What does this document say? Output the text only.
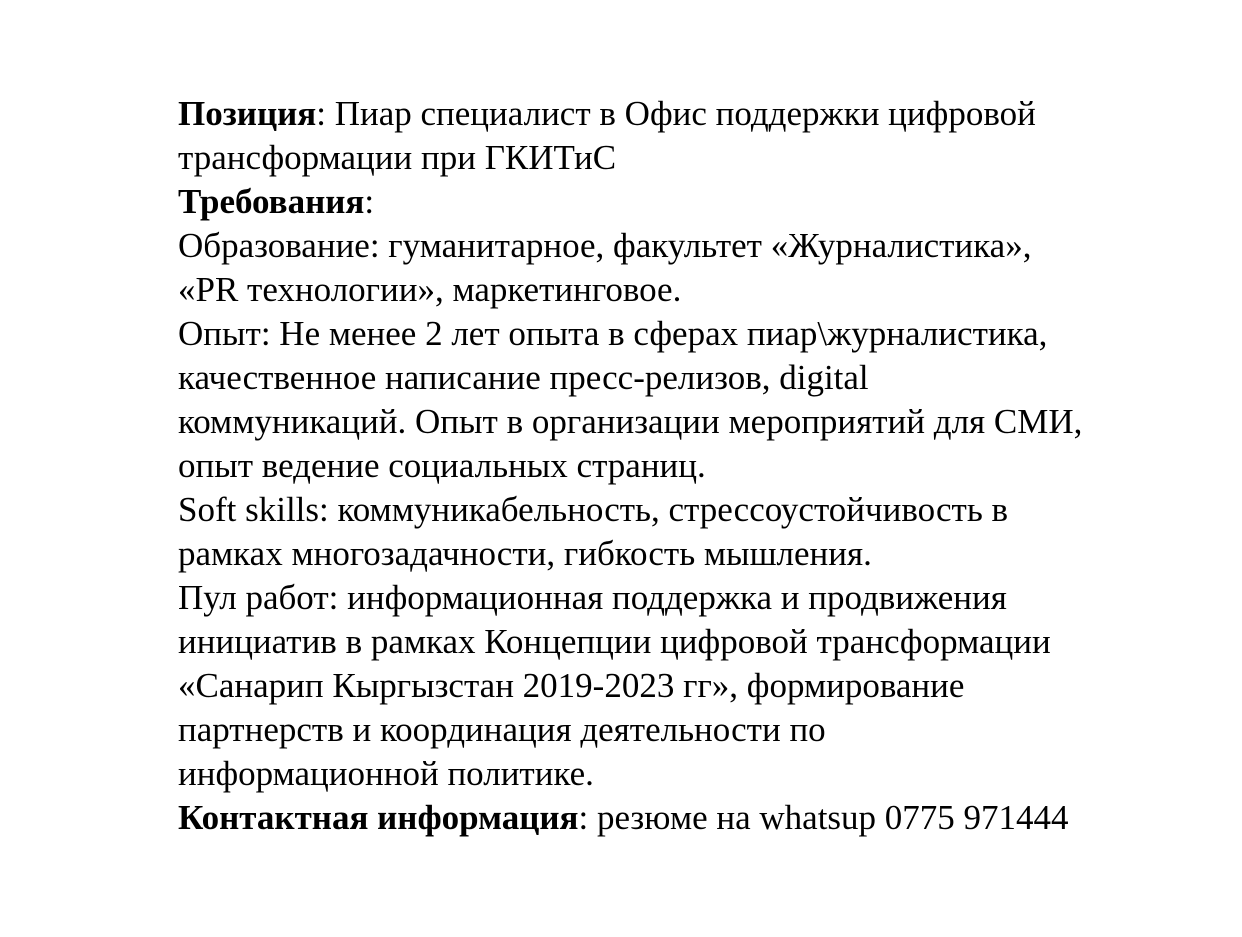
Позиция: Пиар специалист в Офис поддержки цифровой
трансформации при ГКИТиС

Требования:

Образование: гуманитарное, факультет «Журналистика»,
«PR технологии», маркетинговое.

Опыт: Не менее 2 лет опыта в сферах пиар\журналистика,
качественное написание пресс-релизов, digital
коммуникаций. Опыт в организации мероприятий для СМИ,
опыт ведение социальных страниц.

Soft skills: коммуникабельность, стрессоустойчивость в
рамках многозадачности, гибкость мышления.

Пул работ: информационная поддержка и продвижения
инициатив в рамках Концепции цифровой трансформации
«Санарип Кыргызстан 2019-2023 гг», формирование
партнерств и координация деятельности по
информационной политике.

Контактная информация: резюме на whatsup 0775 971444
